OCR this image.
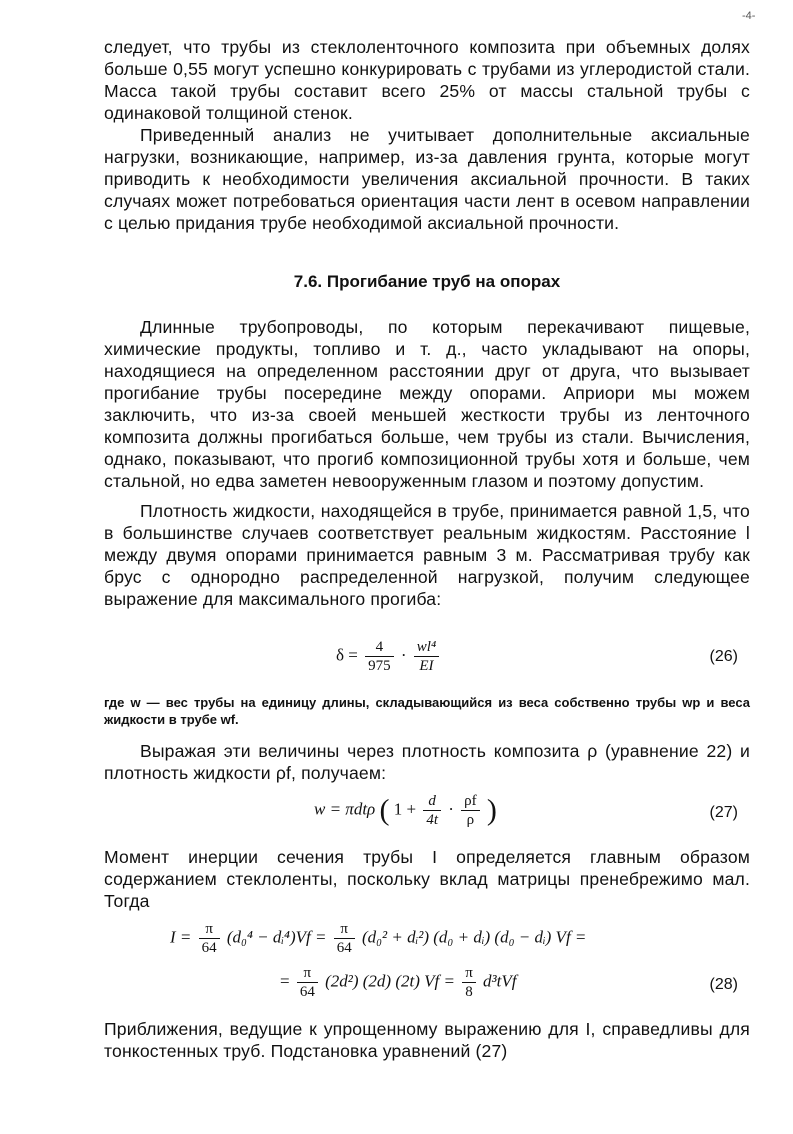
-4-

следует, что трубы из стеклоленточного композита при объемных долях больше 0,55 могут успешно конкурировать с трубами из углеродистой стали. Масса такой трубы составит всего 25% от массы стальной трубы с одинаковой толщиной стенок.

Приведенный анализ не учитывает дополнительные аксиальные нагрузки, возникающие, например, из-за давления грунта, которые могут приводить к необходимости увеличения аксиальной прочности. В таких случаях может потребоваться ориентация части лент в осевом направлении с целью придания трубе необходимой аксиальной прочности.

7.6. Прогибание труб на опорах

Длинные трубопроводы, по которым перекачивают пищевые, химические продукты, топливо и т. д., часто укладывают на опоры, находящиеся на определенном расстоянии друг от друга, что вызывает прогибание трубы посередине между опорами. Априори мы можем заключить, что из-за своей меньшей жесткости трубы из ленточного композита должны прогибаться больше, чем трубы из стали. Вычисления, однако, показывают, что прогиб композиционной трубы хотя и больше, чем стальной, но едва заметен невооруженным глазом и поэтому допустим.

Плотность жидкости, находящейся в трубе, принимается равной 1,5, что в большинстве случаев соответствует реальным жидкостям. Расстояние l между двумя опорами принимается равным 3 м. Рассматривая трубу как брус с однородно распределенной нагрузкой, получим следующее выражение для максимального прогиба:

$\delta = \frac{4}{975} \cdot \frac{\text{wl⁴}}{EI}$	(26)
где w — вес трубы на единицу длины, складывающийся из веса собственно трубы wp и веса жидкости в трубе wf.

Выражая эти величины через плотность композита ρ (уравнение 22) и плотность жидкости ρf, получаем:

w = πdtρ ( $1 + \frac{d}{4t} \cdot \frac{\rho f}{\rho}$ )	(27)

Момент инерции сечения трубы I определяется главным образом содержанием стеклоленты, поскольку вклад матрицы пренебрежимо мал. Тогда

$I = \frac{\pi}{64} (d_0^4$ − dᵢ⁴)Vf = $\frac{\pi}{64} (d_0^2$ + dᵢ²) (d₀ + dᵢ) (d₀ − dᵢ) Vf =
= $\frac{\pi}{64} (2d^2)$ (2d) (2t) $Vf = \frac{\pi}{8} d^3tVf$	(28)

Приближения, ведущие к упрощенному выражению для I, справедливы для тонкостенных труб. Подстановка уравнений (27)
